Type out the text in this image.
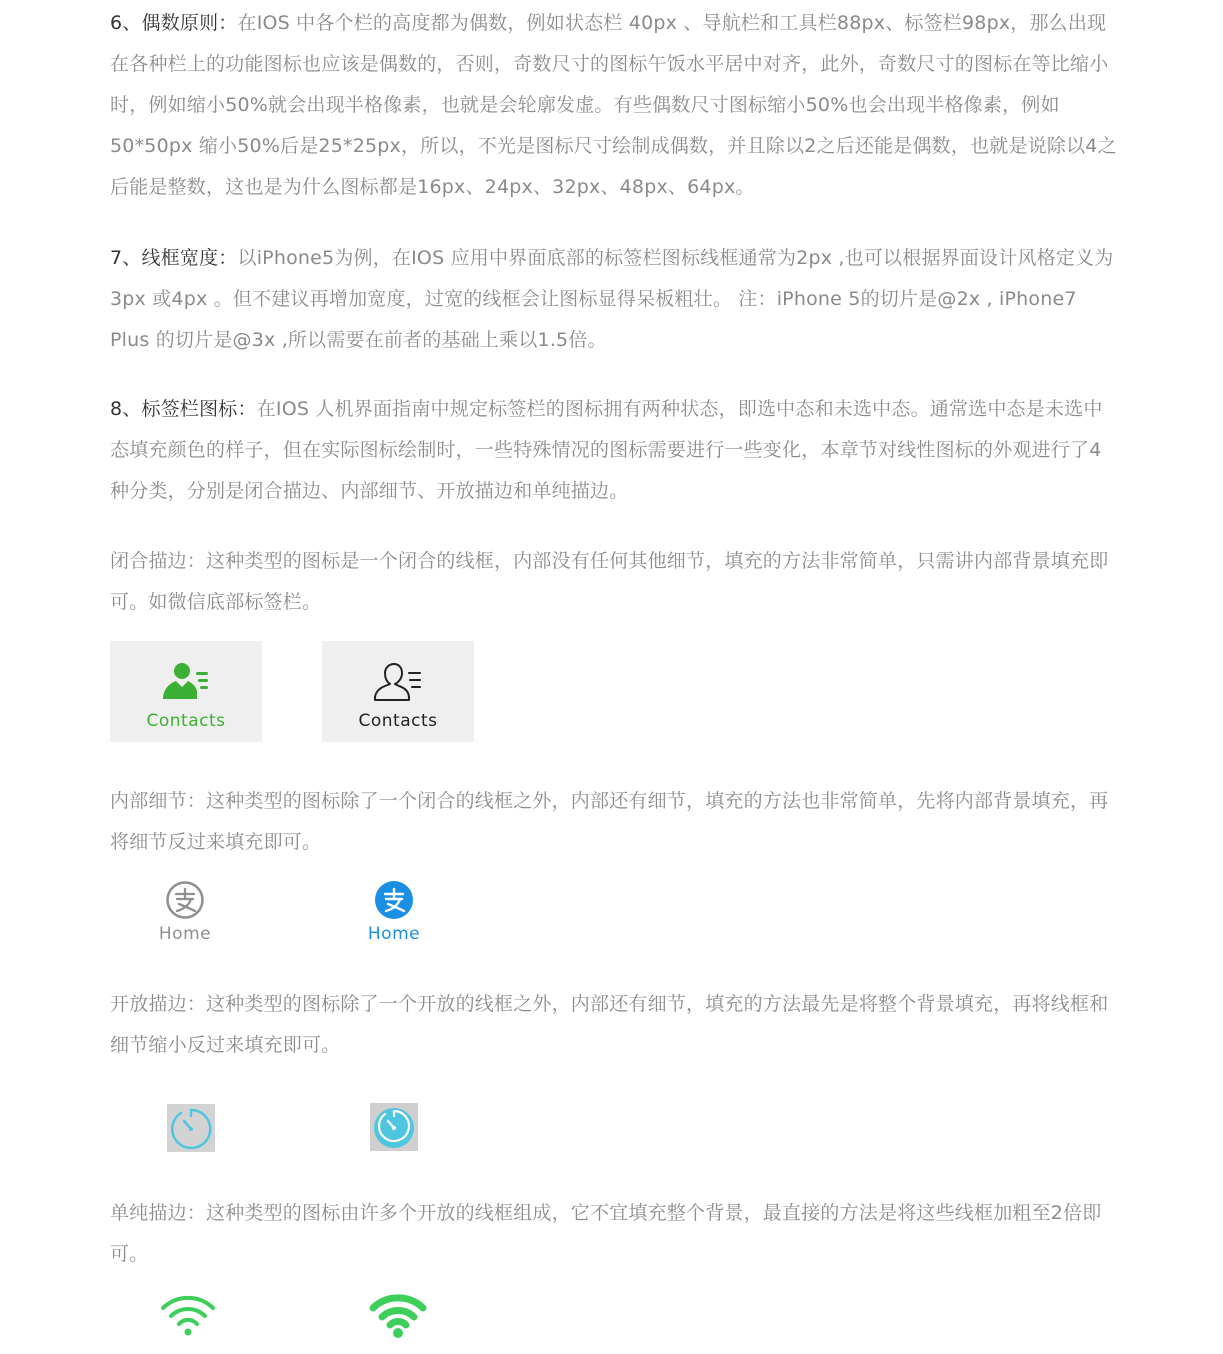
6、偶数原则：在IOS 中各个栏的高度都为偶数，例如状态栏 40px 、导航栏和工具栏88px、标签栏98px，那么出现在各种栏上的功能图标也应该是偶数的，否则，奇数尺寸的图标午饭水平居中对齐，此外，奇数尺寸的图标在等比缩小时，例如缩小50%就会出现半格像素，也就是会轮廓发虚。有些偶数尺寸图标缩小50%也会出现半格像素，例如50*50px 缩小50%后是25*25px，所以，不光是图标尺寸绘制成偶数，并且除以2之后还能是偶数，也就是说除以4之后能是整数，这也是为什么图标都是16px、24px、32px、48px、64px。

7、线框宽度：以iPhone5为例，在IOS 应用中界面底部的标签栏图标线框通常为2px ,也可以根据界面设计风格定义为3px 或4px 。但不建议再增加宽度，过宽的线框会让图标显得呆板粗壮。 注：iPhone 5的切片是@2x , iPhone7 Plus 的切片是@3x ,所以需要在前者的基础上乘以1.5倍。

8、标签栏图标：在IOS 人机界面指南中规定标签栏的图标拥有两种状态，即选中态和未选中态。通常选中态是未选中态填充颜色的样子，但在实际图标绘制时，一些特殊情况的图标需要进行一些变化，本章节对线性图标的外观进行了4种分类，分别是闭合描边、内部细节、开放描边和单纯描边。

闭合描边：这种类型的图标是一个闭合的线框，内部没有任何其他细节，填充的方法非常简单，只需讲内部背景填充即可。如微信底部标签栏。

Contacts	Contacts

内部细节：这种类型的图标除了一个闭合的线框之外，内部还有细节，填充的方法也非常简单，先将内部背景填充，再将细节反过来填充即可。

Home	Home

开放描边：这种类型的图标除了一个开放的线框之外，内部还有细节，填充的方法最先是将整个背景填充，再将线框和细节缩小反过来填充即可。

单纯描边：这种类型的图标由许多个开放的线框组成，它不宜填充整个背景，最直接的方法是将这些线框加粗至2倍即可。
